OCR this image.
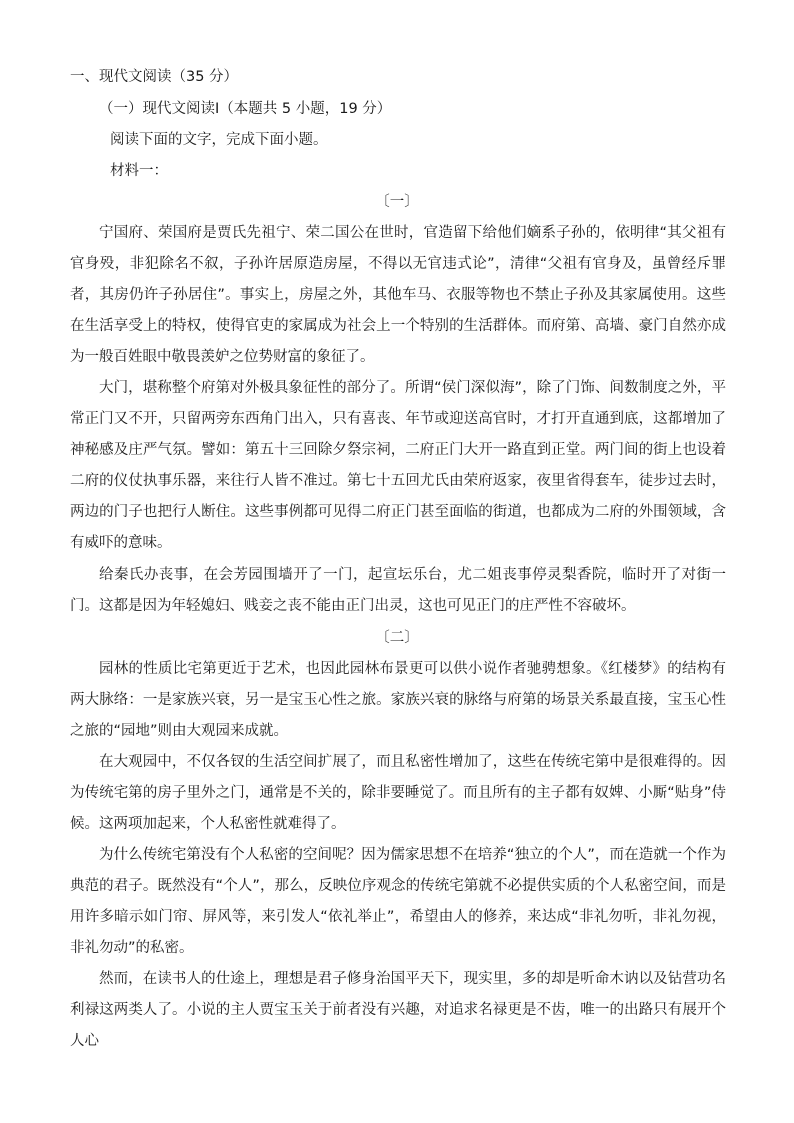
一、现代文阅读（35 分）
（一）现代文阅读Ⅰ（本题共 5 小题，19 分）
阅读下面的文字，完成下面小题。
材料一：
〔一〕
宁国府、荣国府是贾氏先祖宁、荣二国公在世时，官造留下给他们嫡系子孙的，依明律“其父祖有官身殁，非犯除名不叙，子孙许居原造房屋，不得以无官违式论”，清律“父祖有官身及，虽曾经斥罪者，其房仍许子孙居住”。事实上，房屋之外，其他车马、衣服等物也不禁止子孙及其家属使用。这些在生活享受上的特权，使得官吏的家属成为社会上一个特别的生活群体。而府第、高墙、豪门自然亦成为一般百姓眼中敬畏羡妒之位势财富的象征了。
大门，堪称整个府第对外极具象征性的部分了。所谓“侯门深似海”，除了门饰、间数制度之外，平常正门又不开，只留两旁东西角门出入，只有喜丧、年节或迎送高官时，才打开直通到底，这都增加了神秘感及庄严气氛。譬如：第五十三回除夕祭宗祠，二府正门大开一路直到正堂。两门间的街上也设着二府的仪仗执事乐器，来往行人皆不准过。第七十五回尤氏由荣府返家，夜里省得套车，徒步过去时，两边的门子也把行人断住。这些事例都可见得二府正门甚至面临的街道，也都成为二府的外围领域，含有威吓的意味。
给秦氏办丧事，在会芳园围墙开了一门，起宣坛乐台，尤二姐丧事停灵梨香院，临时开了对街一门。这都是因为年轻媳妇、贱妾之丧不能由正门出灵，这也可见正门的庄严性不容破坏。
〔二〕
园林的性质比宅第更近于艺术，也因此园林布景更可以供小说作者驰骋想象。《红楼梦》的结构有两大脉络：一是家族兴衰，另一是宝玉心性之旅。家族兴衰的脉络与府第的场景关系最直接，宝玉心性之旅的“园地”则由大观园来成就。
在大观园中，不仅各钗的生活空间扩展了，而且私密性增加了，这些在传统宅第中是很难得的。因为传统宅第的房子里外之门，通常是不关的，除非要睡觉了。而且所有的主子都有奴婢、小厮“贴身”侍候。这两项加起来，个人私密性就难得了。
为什么传统宅第没有个人私密的空间呢？因为儒家思想不在培养“独立的个人”，而在造就一个作为典范的君子。既然没有“个人”，那么，反映位序观念的传统宅第就不必提供实质的个人私密空间，而是用许多暗示如门帘、屏风等，来引发人“依礼举止”，希望由人的修养，来达成“非礼勿听，非礼勿视，非礼勿动”的私密。
然而，在读书人的仕途上，理想是君子修身治国平天下，现实里，多的却是听命木讷以及钻营功名利禄这两类人了。小说的主人贾宝玉关于前者没有兴趣，对追求名禄更是不齿，唯一的出路只有展开个人心
